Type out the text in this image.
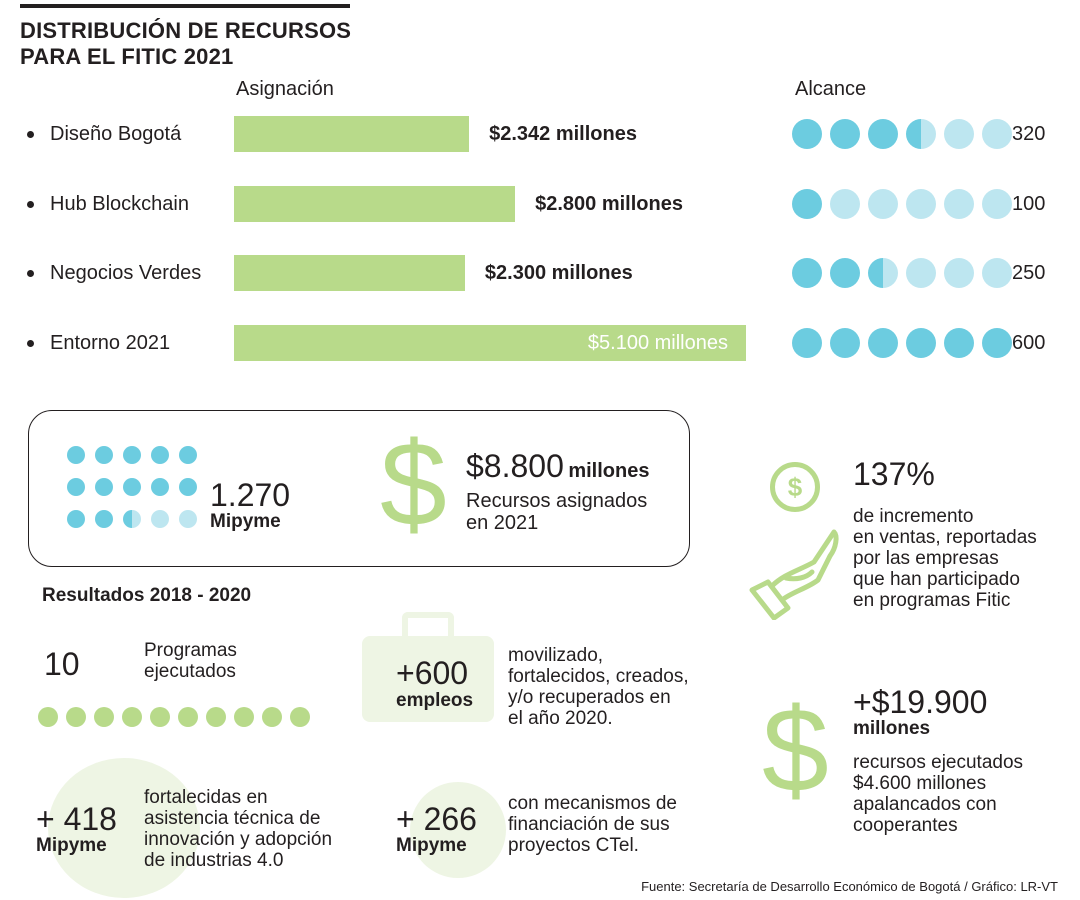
DISTRIBUCIÓN DE RECURSOS
PARA EL FITIC 2021
Asignación	Alcance
Diseño Bogotá	$2.342 millones	320
Hub Blockchain	$2.800 millones	100
Negocios Verdes	$2.300 millones	250
Entorno 2021	$5.100 millones	600
1.270
Mipyme $ $8.800 millones
Recursos asignados
en 2021
Resultados 2018 - 2020
10	Programas
ejecutados	+600
empleos
movilizado,
fortalecidos, creados,
y/o recuperados en
el año 2020.
+ 418
Mipyme
fortalecidas en
asistencia técnica de
innovación y adopción
de industrias 4.0
+ 266
Mipyme
con mecanismos de
financiación de sus
proyectos CTel.
$	137%
de incremento
en ventas, reportadas
por las empresas
que han participado
en programas Fitic
$ +$19.900
millones
recursos ejecutados
$4.600 millones
apalancados con
cooperantes
Fuente: Secretaría de Desarrollo Económico de Bogotá / Gráfico: LR-VT
